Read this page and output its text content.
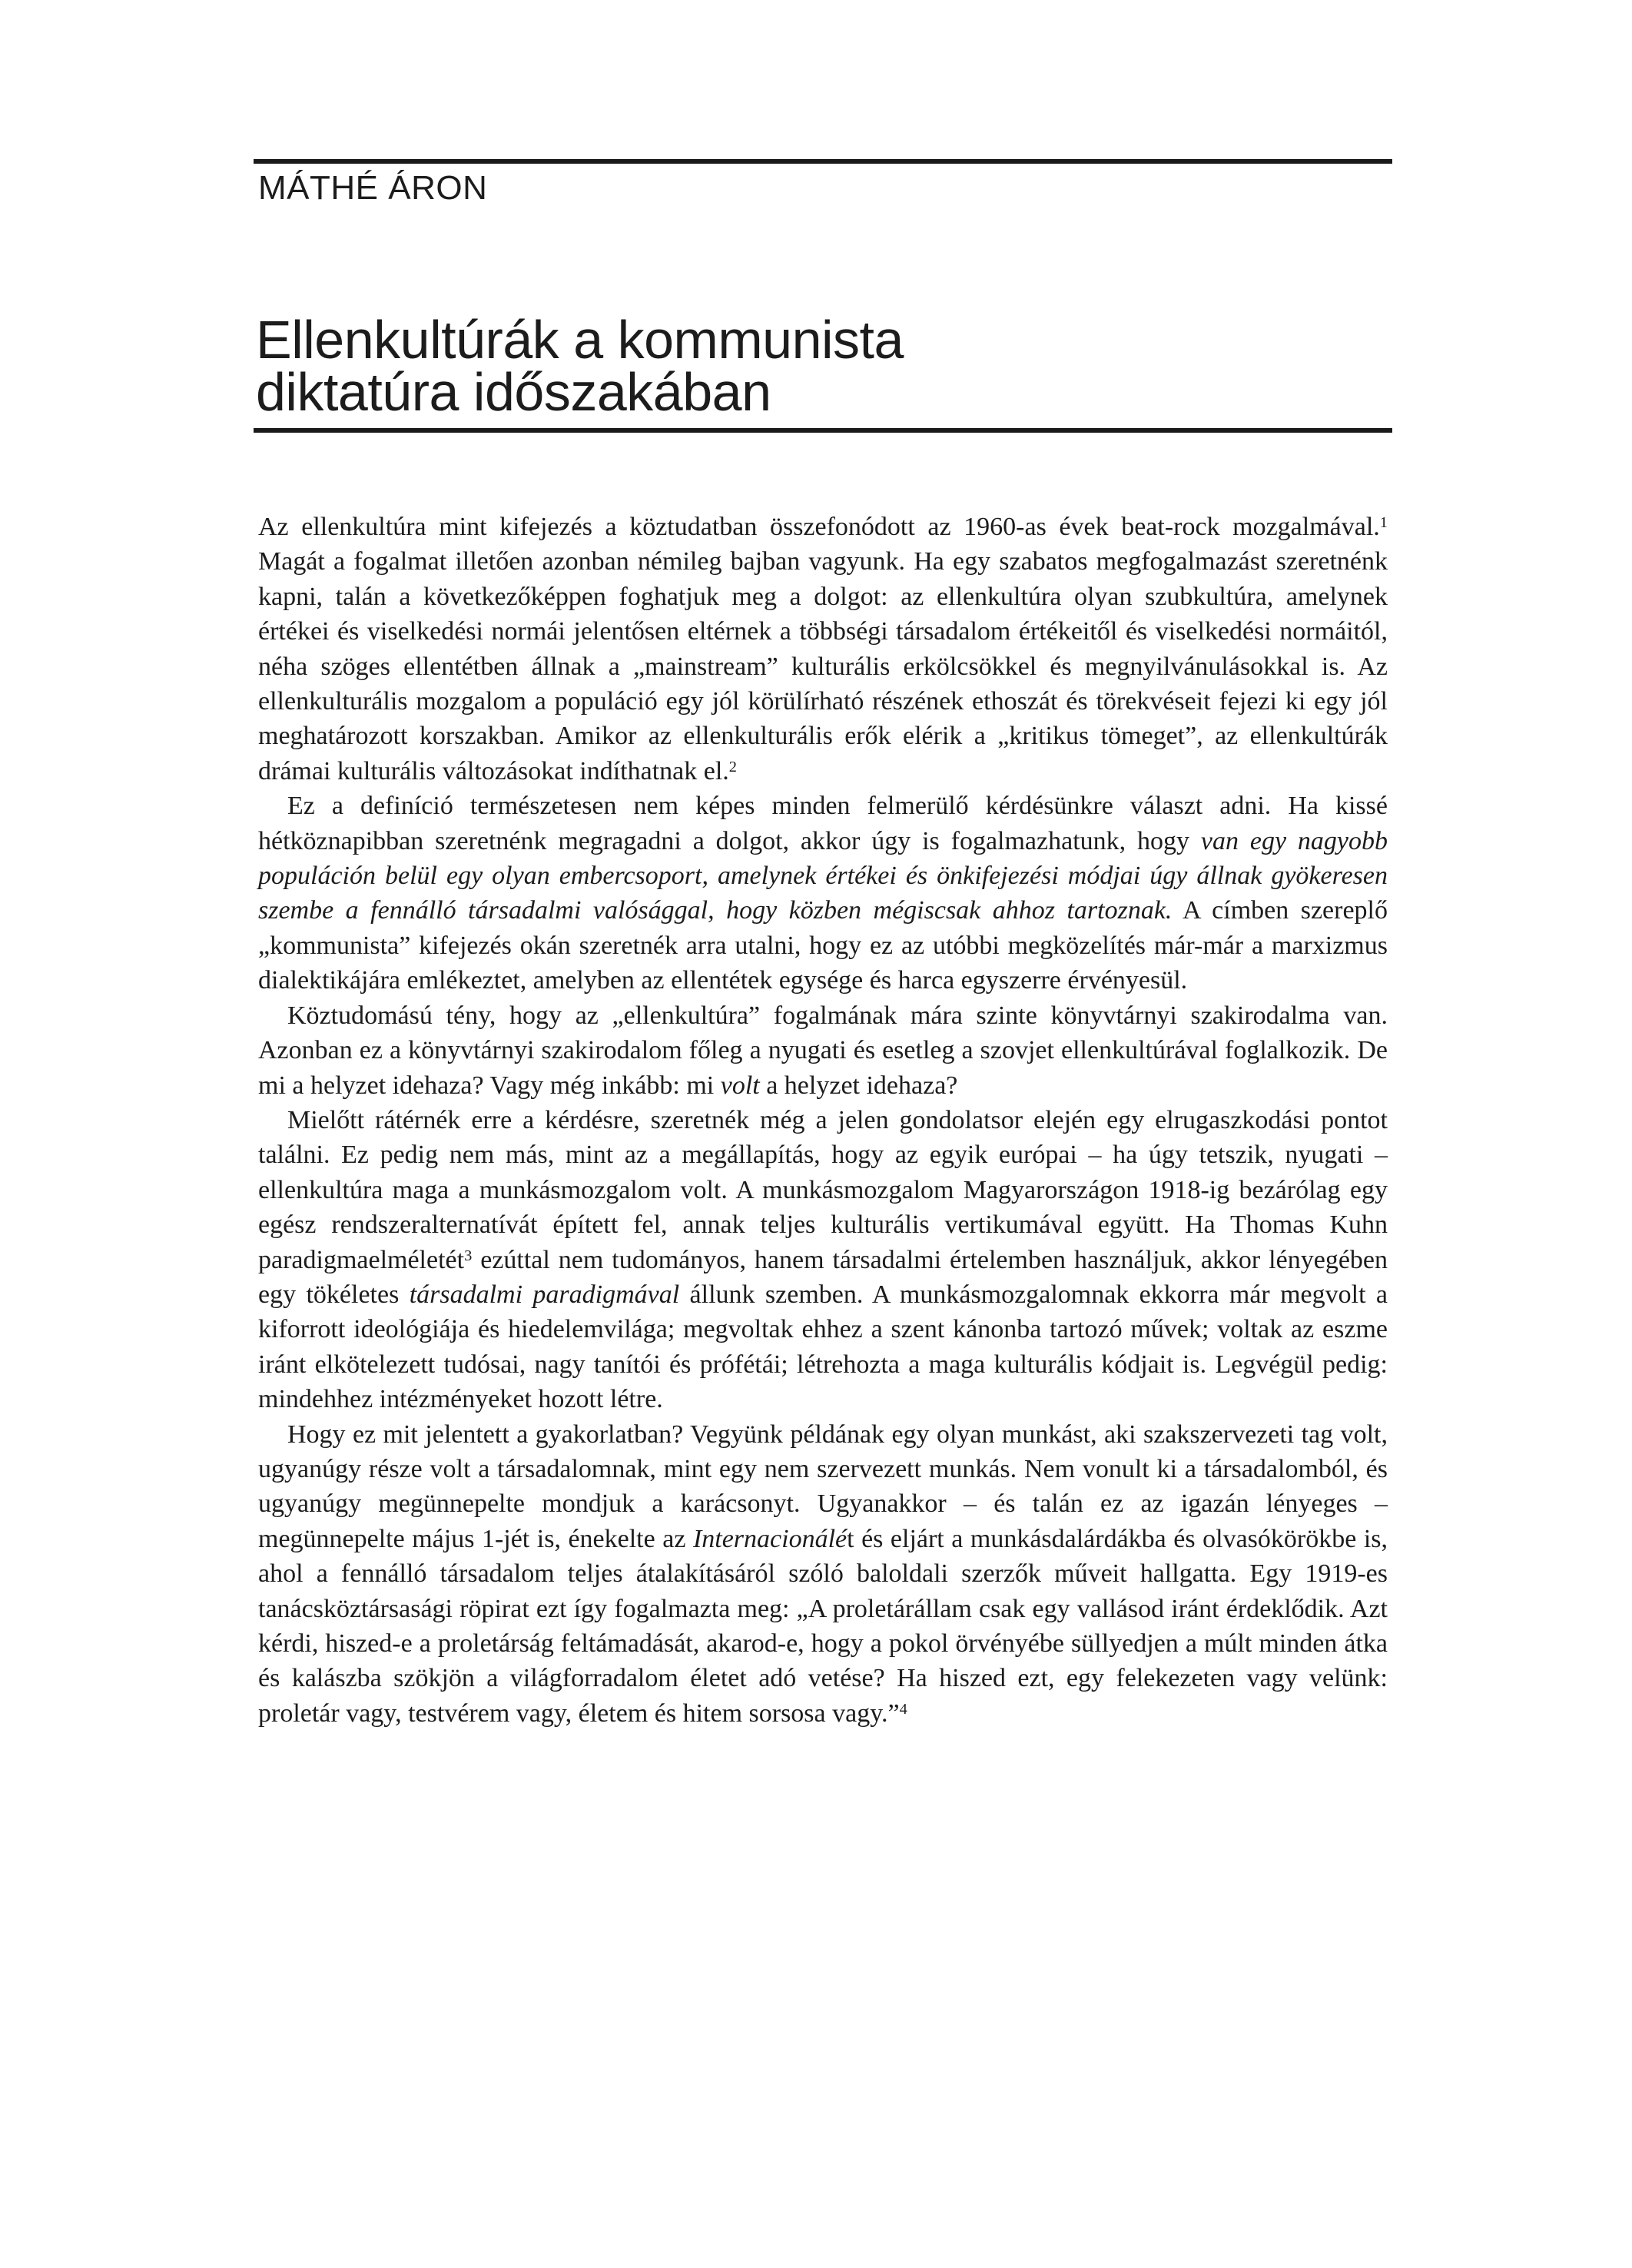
MÁTHÉ ÁRON
Ellenkultúrák a kommunista
diktatúra időszakában

Az ellenkultúra mint kifejezés a köztudatban összefonódott az 1960-as évek beat-rock mozgalmával.$^1$ Magát a fogalmat illetően azonban némileg bajban vagyunk. Ha egy szabatos megfogalmazást szeretnénk kapni, talán a következőképpen foghatjuk meg a dolgot: az ellenkultúra olyan szubkultúra, amelynek értékei és viselkedési normái jelentősen eltérnek a többségi társadalom értékeitől és viselkedési normáitól, néha szöges ellentétben állnak a „mainstream” kulturális erkölcsökkel és megnyilvánulásokkal is. Az ellenkulturális mozgalom a populáció egy jól körülírható részének ethoszát és törekvéseit fejezi ki egy jól meghatározott korszakban. Amikor az ellenkulturális erők elérik a „kritikus tömeget”, az ellenkultúrák drámai kulturális változásokat indíthatnak el.$^2$

Ez a definíció természetesen nem képes minden felmerülő kérdésünkre választ adni. Ha kissé hétköznapibban szeretnénk megragadni a dolgot, akkor úgy is fogalmazhatunk, hogy van egy nagyobb populáción belül egy olyan embercsoport, amelynek értékei és önkifejezési módjai úgy állnak gyökeresen szembe a fennálló társadalmi valósággal, hogy közben mégiscsak ahhoz tartoznak. A címben szereplő „kommunista” kifejezés okán szeretnék arra utalni, hogy ez az utóbbi megközelítés már-már a marxizmus dialektikájára emlékeztet, amelyben az ellentétek egysége és harca egyszerre érvényesül.

Köztudomású tény, hogy az „ellenkultúra” fogalmának mára szinte könyvtárnyi szakirodalma van. Azonban ez a könyvtárnyi szakirodalom főleg a nyugati és esetleg a szovjet ellenkultúrával foglalkozik. De mi a helyzet idehaza? Vagy még inkább: mi volt a helyzet idehaza?

Mielőtt rátérnék erre a kérdésre, szeretnék még a jelen gondolatsor elején egy elrugaszkodási pontot találni. Ez pedig nem más, mint az a megállapítás, hogy az egyik európai – ha úgy tetszik, nyugati – ellenkultúra maga a munkásmozgalom volt. A munkásmozgalom Magyarországon 1918-ig bezárólag egy egész rendszeralternatívát épített fel, annak teljes kulturális vertikumával együtt. Ha Thomas Kuhn paradigmaelméletét$^3$ ezúttal nem tudományos, hanem társadalmi értelemben használjuk, akkor lényegében egy tökéletes társadalmi paradigmával állunk szemben. A munkásmozgalomnak ekkorra már megvolt a kiforrott ideológiája és hiedelemvilága; megvoltak ehhez a szent kánonba tartozó művek; voltak az eszme iránt elkötelezett tudósai, nagy tanítói és prófétái; létrehozta a maga kulturális kódjait is. Legvégül pedig: mindehhez intézményeket hozott létre.

Hogy ez mit jelentett a gyakorlatban? Vegyünk példának egy olyan munkást, aki szakszervezeti tag volt, ugyanúgy része volt a társadalomnak, mint egy nem szervezett munkás. Nem vonult ki a társadalomból, és ugyanúgy megünnepelte mondjuk a karácsonyt. Ugyanakkor – és talán ez az igazán lényeges – megünnepelte május 1-jét is, énekelte az Internacionálét és eljárt a munkásdalárdákba és olvasókörökbe is, ahol a fennálló társadalom teljes átalakításáról szóló baloldali szerzők műveit hallgatta. Egy 1919-es tanácsköztársasági röpirat ezt így fogalmazta meg: „A proletárállam csak egy vallásod iránt érdeklődik. Azt kérdi, hiszed-e a proletárság feltámadását, akarod-e, hogy a pokol örvényébe süllyedjen a múlt minden átka és kalászba szökjön a világforradalom életet adó vetése? Ha hiszed ezt, egy felekezeten vagy velünk: proletár vagy, testvérem vagy, életem és hitem sorsosa vagy.”$^4$
